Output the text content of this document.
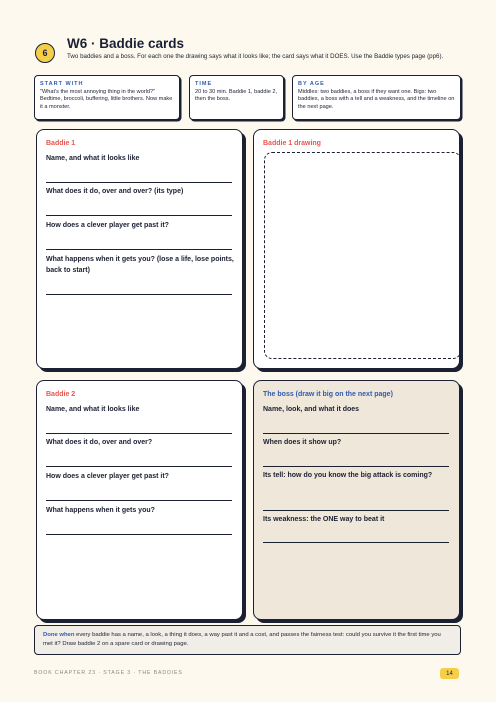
6
W6 · Baddie cards
Two baddies and a boss. For each one the drawing says what it looks like; the card says what it DOES. Use the Baddie types page (pp6).
START WITH
"What's the most annoying thing in the world?" Bedtime, broccoli, buffering, little brothers. Now make it a monster.
TIME
20 to 30 min. Baddie 1, baddie 2, then the boss.
BY AGE
Middles: two baddies, a boss if they want one. Bigs: two baddies, a boss with a tell and a weakness, and the timeline on the next page.
Baddie 1
Name, and what it looks like
What does it do, over and over? (its type)
How does a clever player get past it?
What happens when it gets you? (lose a life, lose points, back to start)
Baddie 1 drawing
Baddie 2
Name, and what it looks like
What does it do, over and over?
How does a clever player get past it?
What happens when it gets you?
The boss (draw it big on the next page)
Name, look, and what it does
When does it show up?
Its tell: how do you know the big attack is coming?
Its weakness: the ONE way to beat it
Done when every baddie has a name, a look, a thing it does, a way past it and a cost, and passes the fairness test: could you survive it the first time you met it? Draw baddie 2 on a spare card or drawing page.
BOOK CHAPTER 23 · STAGE 3 · THE BADDIES	14
